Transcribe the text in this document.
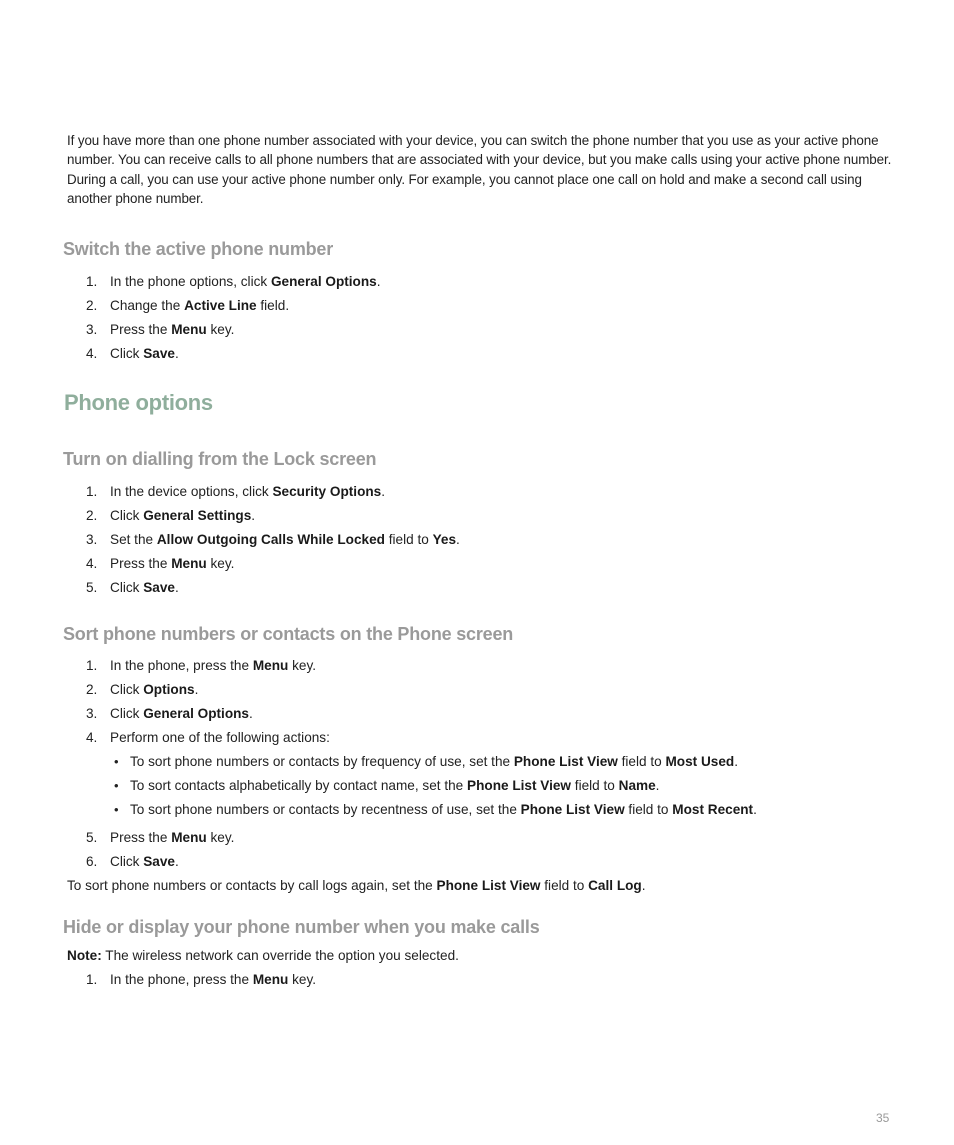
If you have more than one phone number associated with your device, you can switch the phone number that you use as your active phone number. You can receive calls to all phone numbers that are associated with your device, but you make calls using your active phone number. During a call, you can use your active phone number only. For example, you cannot place one call on hold and make a second call using another phone number.

Switch the active phone number
1. In the phone options, click General Options.

2. Change the Active Line field.

3. Press the Menu key.

4. Click Save.

Phone options
Turn on dialling from the Lock screen
1. In the device options, click Security Options.

2. Click General Settings.

3. Set the Allow Outgoing Calls While Locked field to Yes.

4. Press the Menu key.

5. Click Save.

Sort phone numbers or contacts on the Phone screen
1. In the phone, press the Menu key.

2. Click Options.

3. Click General Options.

4. Perform one of the following actions:

• To sort phone numbers or contacts by frequency of use, set the Phone List View field to Most Used.

• To sort contacts alphabetically by contact name, set the Phone List View field to Name.

• To sort phone numbers or contacts by recentness of use, set the Phone List View field to Most Recent.

5. Press the Menu key.

6. Click Save.

To sort phone numbers or contacts by call logs again, set the Phone List View field to Call Log.

Hide or display your phone number when you make calls

Note: The wireless network can override the option you selected.

1. In the phone, press the Menu key.

35
